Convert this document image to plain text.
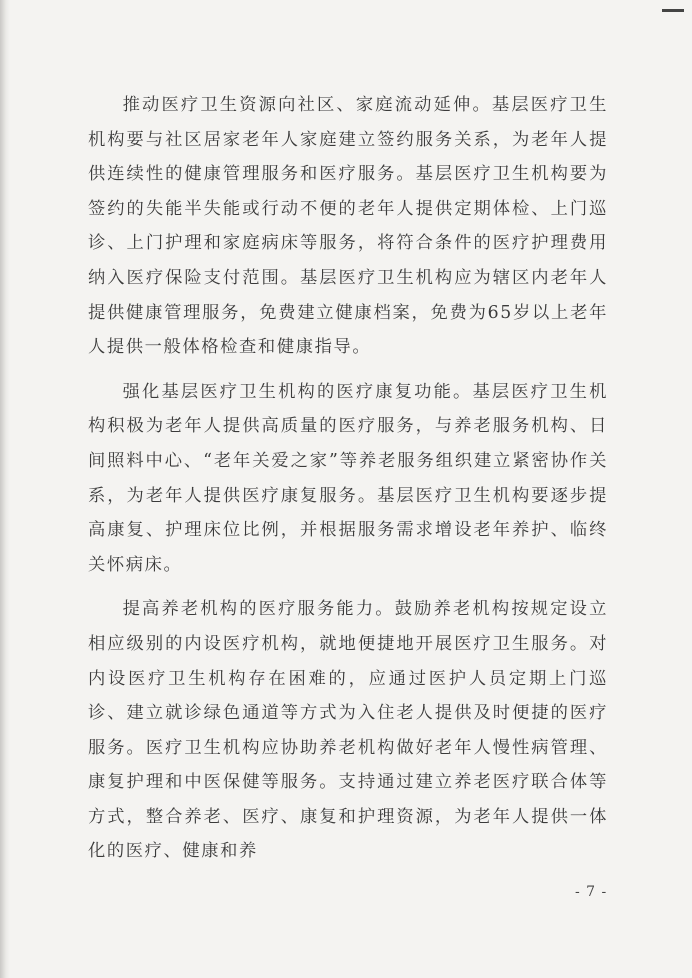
推动医疗卫生资源向社区、家庭流动延伸。基层医疗卫生机构要与社区居家老年人家庭建立签约服务关系，为老年人提供连续性的健康管理服务和医疗服务。基层医疗卫生机构要为签约的失能半失能或行动不便的老年人提供定期体检、上门巡诊、上门护理和家庭病床等服务，将符合条件的医疗护理费用纳入医疗保险支付范围。基层医疗卫生机构应为辖区内老年人提供健康管理服务，免费建立健康档案，免费为65岁以上老年人提供一般体格检查和健康指导。

强化基层医疗卫生机构的医疗康复功能。基层医疗卫生机构积极为老年人提供高质量的医疗服务，与养老服务机构、日间照料中心、“老年关爱之家”等养老服务组织建立紧密协作关系，为老年人提供医疗康复服务。基层医疗卫生机构要逐步提高康复、护理床位比例，并根据服务需求增设老年养护、临终关怀病床。

提高养老机构的医疗服务能力。鼓励养老机构按规定设立相应级别的内设医疗机构，就地便捷地开展医疗卫生服务。对内设医疗卫生机构存在困难的，应通过医护人员定期上门巡诊、建立就诊绿色通道等方式为入住老人提供及时便捷的医疗服务。医疗卫生机构应协助养老机构做好老年人慢性病管理、康复护理和中医保健等服务。支持通过建立养老医疗联合体等方式，整合养老、医疗、康复和护理资源，为老年人提供一体化的医疗、健康和养

- 7 -
